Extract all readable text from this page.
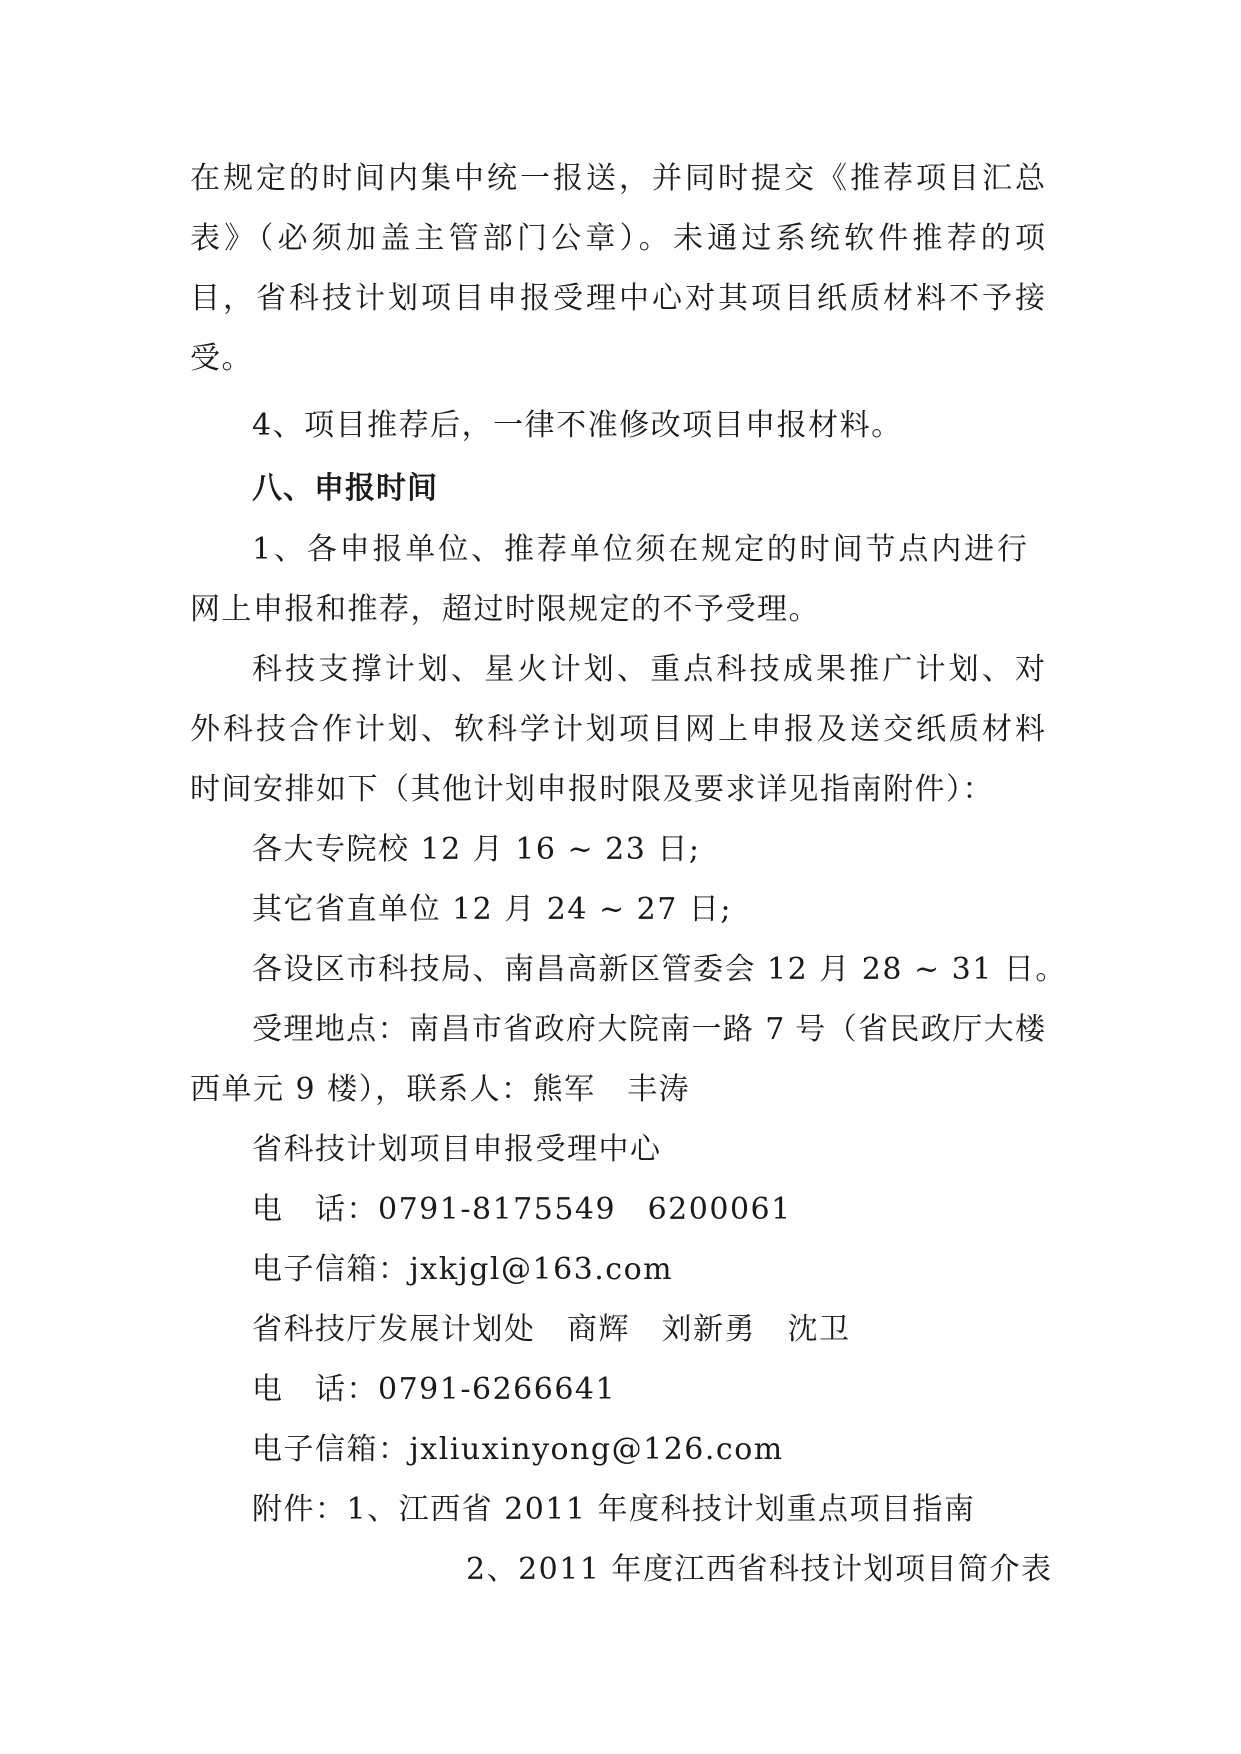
在规定的时间内集中统一报送，并同时提交《推荐项目汇总
表》（必须加盖主管部门公章）。未通过系统软件推荐的项
目，省科技计划项目申报受理中心对其项目纸质材料不予接
受。
4、项目推荐后，一律不准修改项目申报材料。
八、申报时间
1、各申报单位、推荐单位须在规定的时间节点内进行
网上申报和推荐，超过时限规定的不予受理。
科技支撑计划、星火计划、重点科技成果推广计划、对
外科技合作计划、软科学计划项目网上申报及送交纸质材料
时间安排如下（其他计划申报时限及要求详见指南附件）：
各大专院校 12 月 16 ~ 23 日;
其它省直单位 12 月 24 ~ 27 日;
各设区市科技局、南昌高新区管委会 12 月 28 ~ 31 日。
受理地点：南昌市省政府大院南一路 7 号（省民政厅大楼
西单元 9 楼），联系人：熊军　丰涛
省科技计划项目申报受理中心
电　话：0791-8175549　6200061
电子信箱：jxkjgl@163.com
省科技厅发展计划处　商辉　刘新勇　沈卫
电　话：0791-6266641
电子信箱：jxliuxinyong@126.com
附件：1、江西省 2011 年度科技计划重点项目指南
2、2011 年度江西省科技计划项目简介表
